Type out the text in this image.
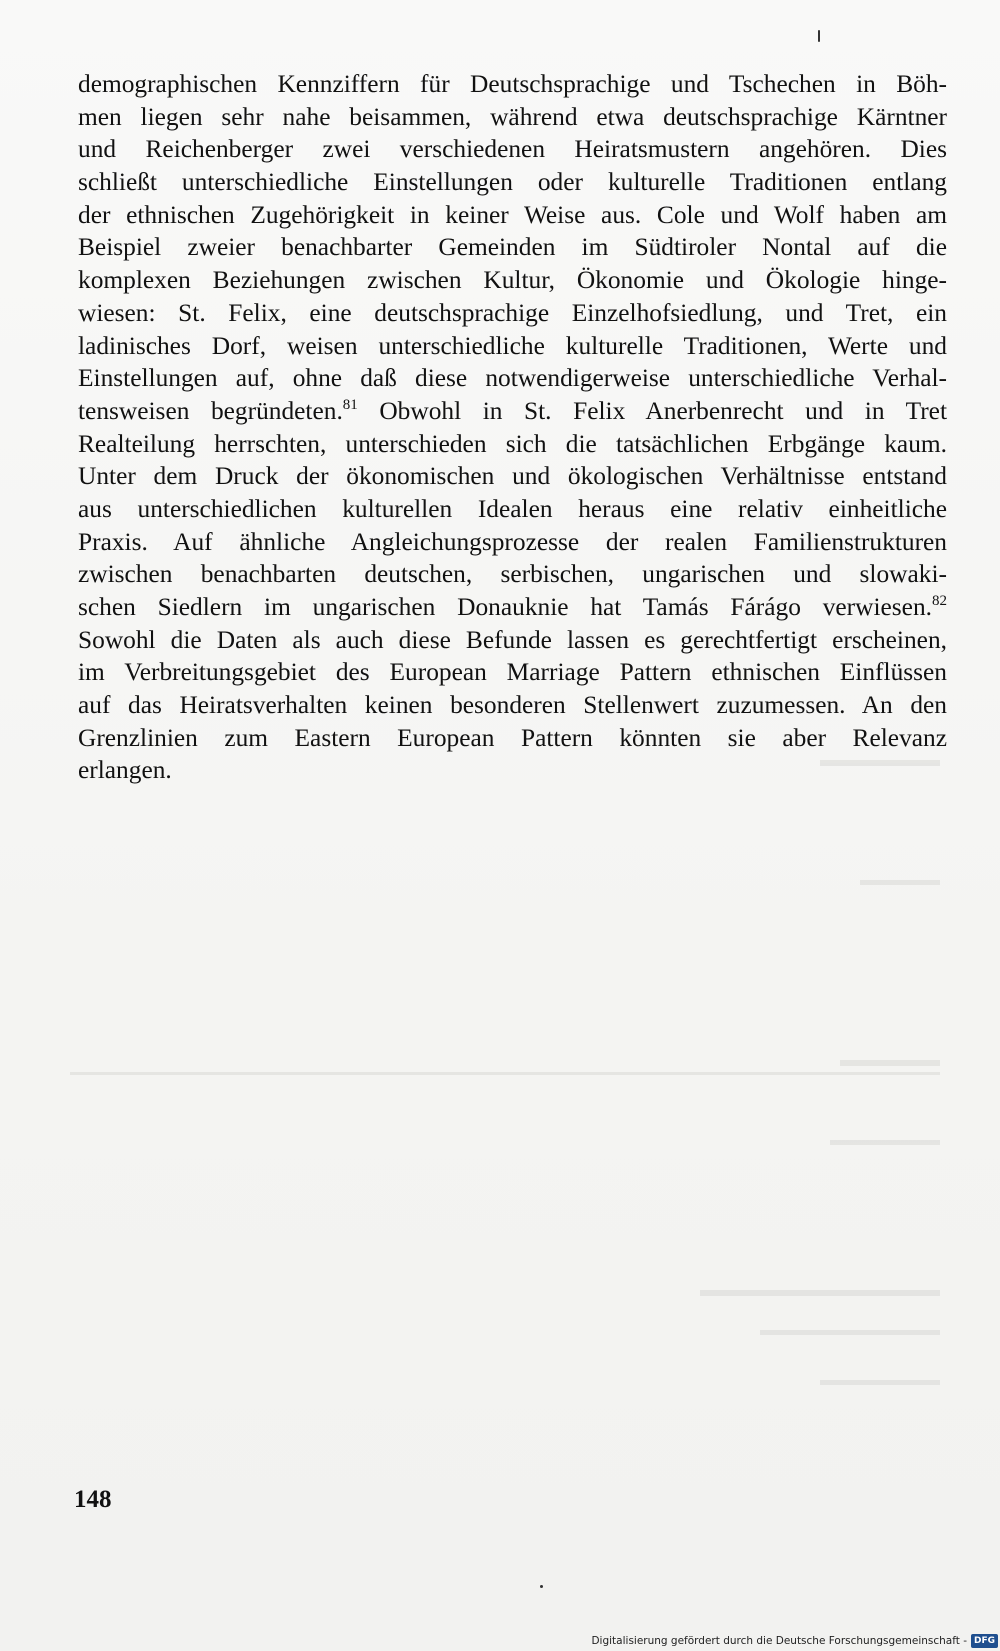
demographischen Kennziffern für Deutschsprachige und Tschechen in Böh-
men liegen sehr nahe beisammen, während etwa deutschsprachige Kärntner
und Reichenberger zwei verschiedenen Heiratsmustern angehören. Dies
schließt unterschiedliche Einstellungen oder kulturelle Traditionen entlang
der ethnischen Zugehörigkeit in keiner Weise aus. Cole und Wolf haben am
Beispiel zweier benachbarter Gemeinden im Südtiroler Nontal auf die
komplexen Beziehungen zwischen Kultur, Ökonomie und Ökologie hinge-
wiesen: St. Felix, eine deutschsprachige Einzelhofsiedlung, und Tret, ein
ladinisches Dorf, weisen unterschiedliche kulturelle Traditionen, Werte und
Einstellungen auf, ohne daß diese notwendigerweise unterschiedliche Verhal-
tensweisen begründeten.$^{81}$ Obwohl in St. Felix Anerbenrecht und in Tret
Realteilung herrschten, unterschieden sich die tatsächlichen Erbgänge kaum.
Unter dem Druck der ökonomischen und ökologischen Verhältnisse entstand
aus unterschiedlichen kulturellen Idealen heraus eine relativ einheitliche
Praxis. Auf ähnliche Angleichungsprozesse der realen Familienstrukturen
zwischen benachbarten deutschen, serbischen, ungarischen und slowaki-
schen Siedlern im ungarischen Donauknie hat Tamás Fárágo verwiesen.$^{82}$
Sowohl die Daten als auch diese Befunde lassen es gerechtfertigt erscheinen,
im Verbreitungsgebiet des European Marriage Pattern ethnischen Einflüssen
auf das Heiratsverhalten keinen besonderen Stellenwert zuzumessen. An den
Grenzlinien zum Eastern European Pattern könnten sie aber Relevanz
erlangen.

148

Digitalisierung gefördert durch die Deutsche Forschungsgemeinschaft - DFG
